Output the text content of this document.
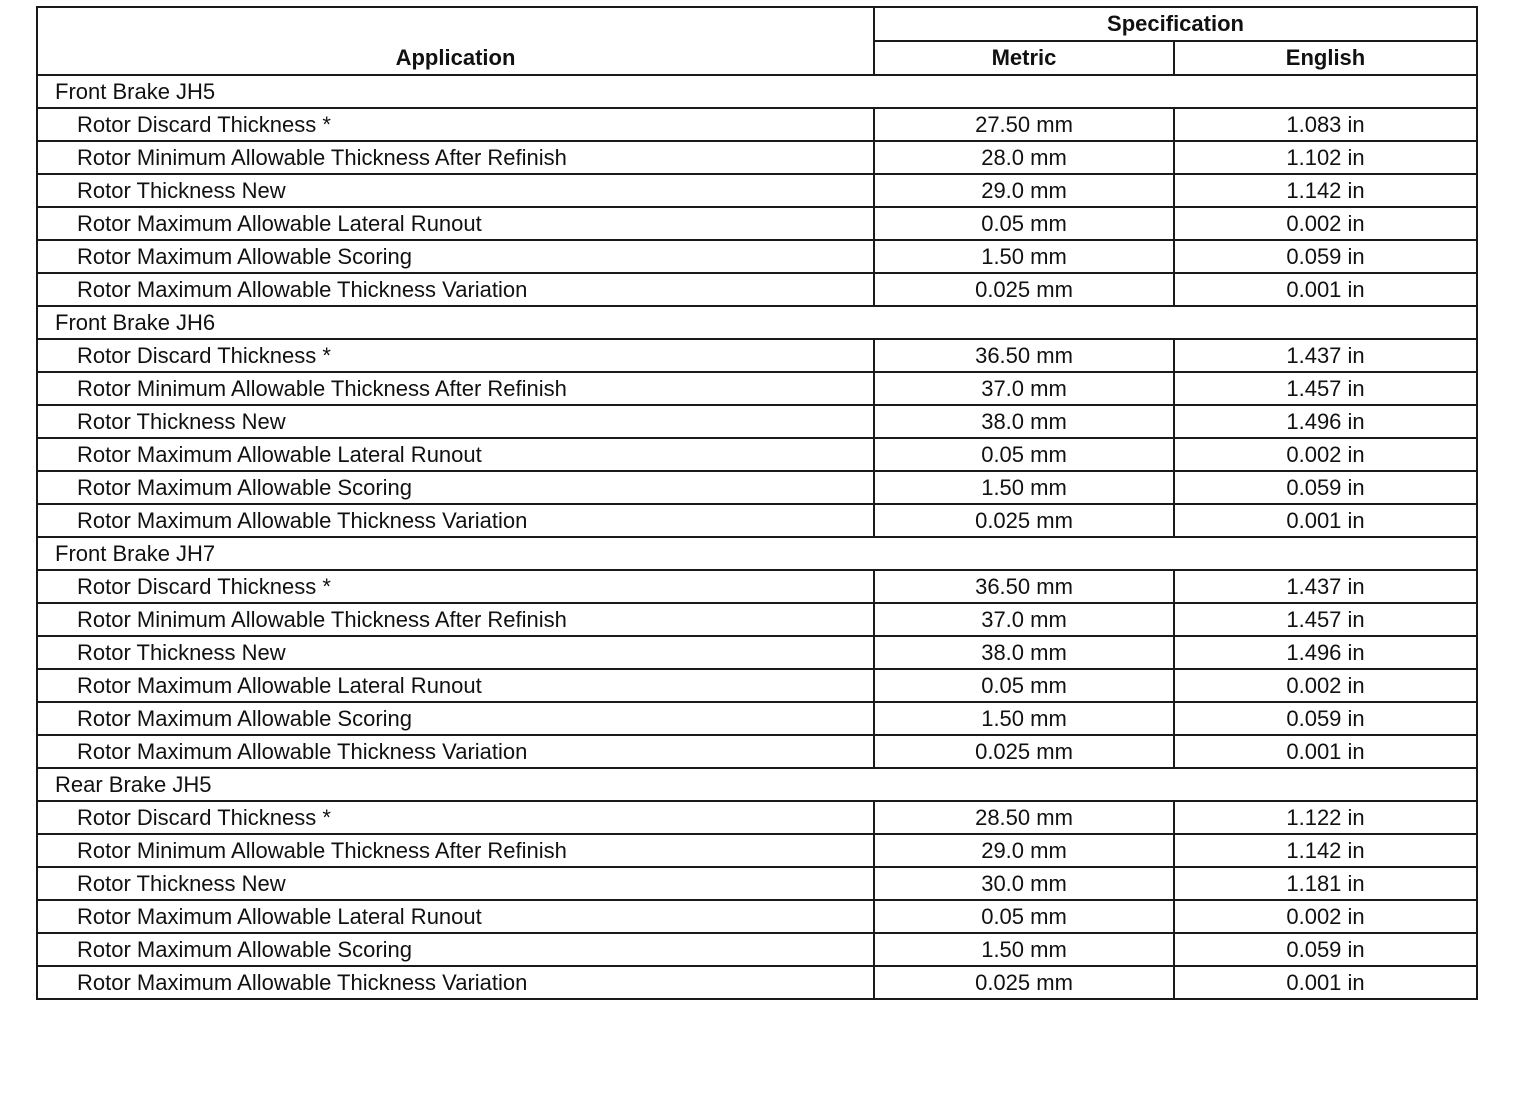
Application	Specification	
	Metric	English
Front Brake JH5		
Rotor Discard Thickness *	27.50 mm	1.083 in
Rotor Minimum Allowable Thickness After Refinish	28.0 mm	1.102 in
Rotor Thickness New	29.0 mm	1.142 in
Rotor Maximum Allowable Lateral Runout	0.05 mm	0.002 in
Rotor Maximum Allowable Scoring	1.50 mm	0.059 in
Rotor Maximum Allowable Thickness Variation	0.025 mm	0.001 in
Front Brake JH6		
Rotor Discard Thickness *	36.50 mm	1.437 in
Rotor Minimum Allowable Thickness After Refinish	37.0 mm	1.457 in
Rotor Thickness New	38.0 mm	1.496 in
Rotor Maximum Allowable Lateral Runout	0.05 mm	0.002 in
Rotor Maximum Allowable Scoring	1.50 mm	0.059 in
Rotor Maximum Allowable Thickness Variation	0.025 mm	0.001 in
Front Brake JH7		
Rotor Discard Thickness *	36.50 mm	1.437 in
Rotor Minimum Allowable Thickness After Refinish	37.0 mm	1.457 in
Rotor Thickness New	38.0 mm	1.496 in
Rotor Maximum Allowable Lateral Runout	0.05 mm	0.002 in
Rotor Maximum Allowable Scoring	1.50 mm	0.059 in
Rotor Maximum Allowable Thickness Variation	0.025 mm	0.001 in
Rear Brake JH5		
Rotor Discard Thickness *	28.50 mm	1.122 in
Rotor Minimum Allowable Thickness After Refinish	29.0 mm	1.142 in
Rotor Thickness New	30.0 mm	1.181 in
Rotor Maximum Allowable Lateral Runout	0.05 mm	0.002 in
Rotor Maximum Allowable Scoring	1.50 mm	0.059 in
Rotor Maximum Allowable Thickness Variation	0.025 mm	0.001 in
